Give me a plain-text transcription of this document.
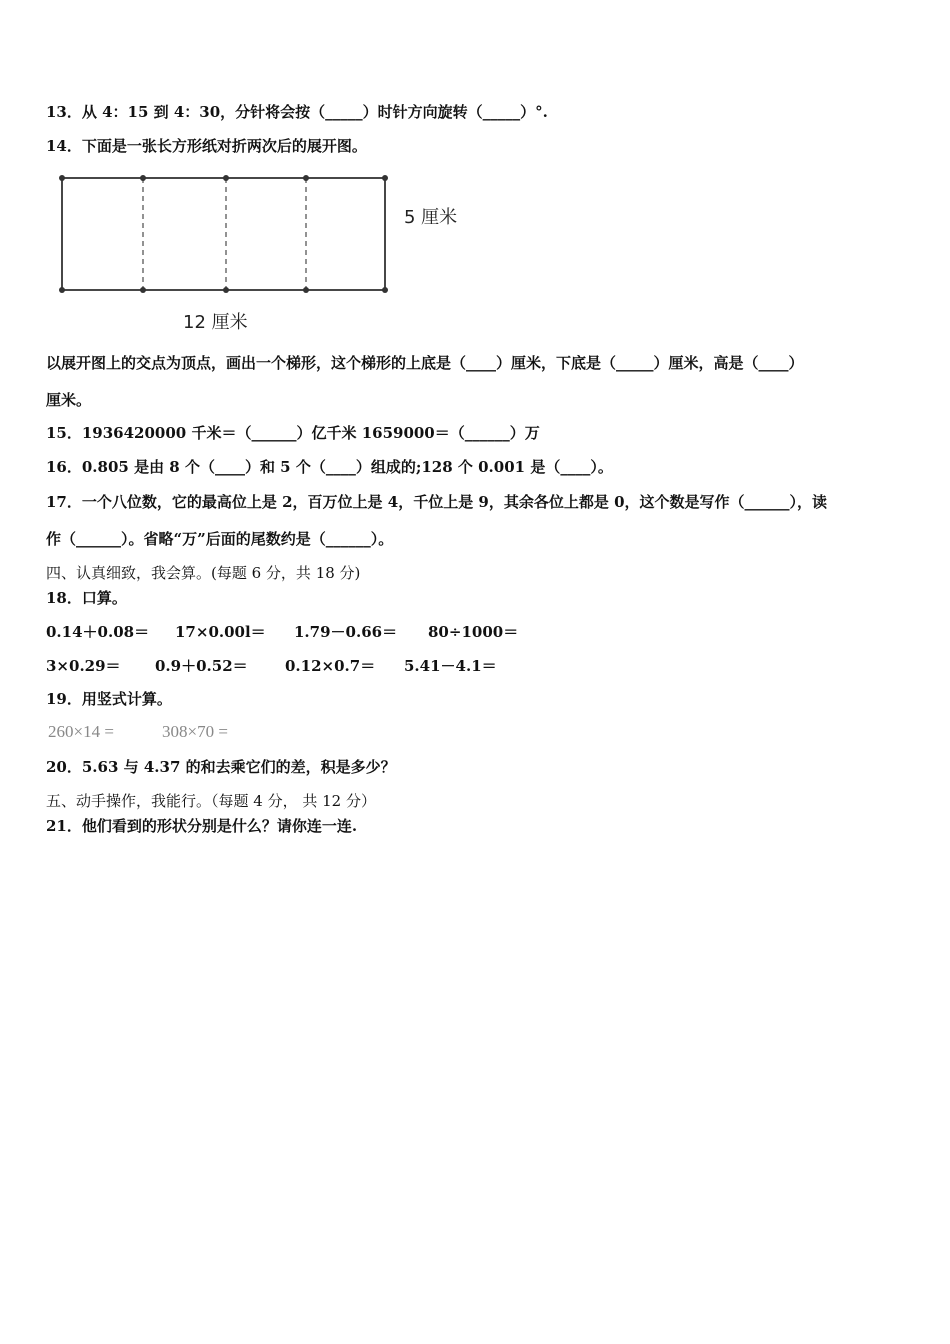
13．从 4：15 到 4：30，分针将会按（_____）时针方向旋转（_____）°.
14．下面是一张长方形纸对折两次后的展开图。
5 厘米
12 厘米
以展开图上的交点为顶点，画出一个梯形，这个梯形的上底是（____）厘米，下底是（_____）厘米，高是（____）
厘米。
15．1936420000 千米＝（______）亿千米 1659000＝（______）万
16．0.805 是由 8 个（____）和 5 个（____）组成的;128 个 0.001 是（____）。
17．一个八位数，它的最高位上是 2，百万位上是 4，千位上是 9，其余各位上都是 0，这个数是写作（______），读
作（______）。省略“万”后面的尾数约是（______）。
四、认真细致，我会算。(每题 6 分，共 18 分)
18．口算。
0.14＋0.08＝ 17×0.00l＝ 1.79－0.66＝ 80÷1000＝
3×0.29＝ 0.9＋0.52＝ 0.12×0.7＝ 5.41－4.1＝
19．用竖式计算。
260×14 =	308×70 =
20．5.63 与 4.37 的和去乘它们的差，积是多少？
五、动手操作，我能行。（每题 4 分， 共 12 分）
21．他们看到的形状分别是什么？请你连一连.
